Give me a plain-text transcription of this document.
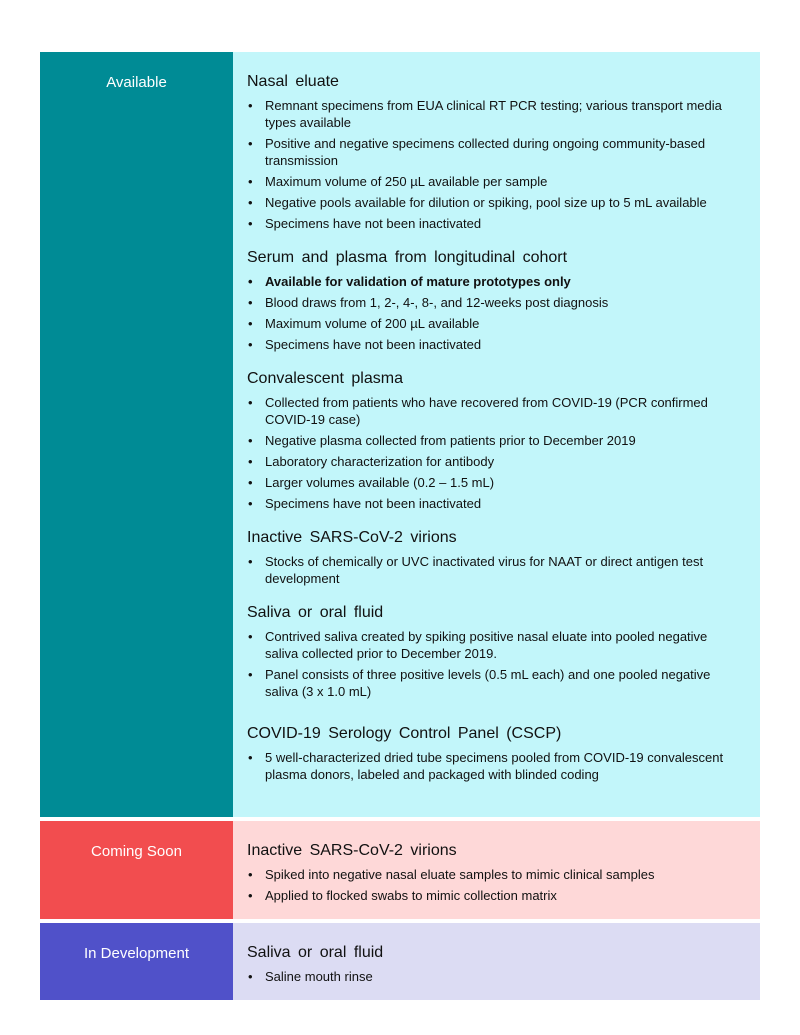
Available	Nasal eluate
• Remnant specimens from EUA clinical RT PCR testing; various transport media types available
• Positive and negative specimens collected during ongoing community-based transmission
• Maximum volume of 250 µL available per sample
• Negative pools available for dilution or spiking, pool size up to 5 mL available
• Specimens have not been inactivated
Serum and plasma from longitudinal cohort
• Available for validation of mature prototypes only
• Blood draws from 1, 2-, 4-, 8-, and 12-weeks post diagnosis
• Maximum volume of 200 µL available
• Specimens have not been inactivated
Convalescent plasma
• Collected from patients who have recovered from COVID-19 (PCR confirmed COVID-19 case)
• Negative plasma collected from patients prior to December 2019
• Laboratory characterization for antibody
• Larger volumes available (0.2 – 1.5 mL)
• Specimens have not been inactivated
Inactive SARS-CoV-2 virions
• Stocks of chemically or UVC inactivated virus for NAAT or direct antigen test development
Saliva or oral fluid
• Contrived saliva created by spiking positive nasal eluate into pooled negative saliva collected prior to December 2019.
• Panel consists of three positive levels (0.5 mL each) and one pooled negative saliva (3 x 1.0 mL)
COVID-19 Serology Control Panel (CSCP)
• 5 well-characterized dried tube specimens pooled from COVID-19 convalescent plasma donors, labeled and packaged with blinded coding
Coming Soon	Inactive SARS-CoV-2 virions
• Spiked into negative nasal eluate samples to mimic clinical samples
• Applied to flocked swabs to mimic collection matrix
In Development	Saliva or oral fluid
• Saline mouth rinse
